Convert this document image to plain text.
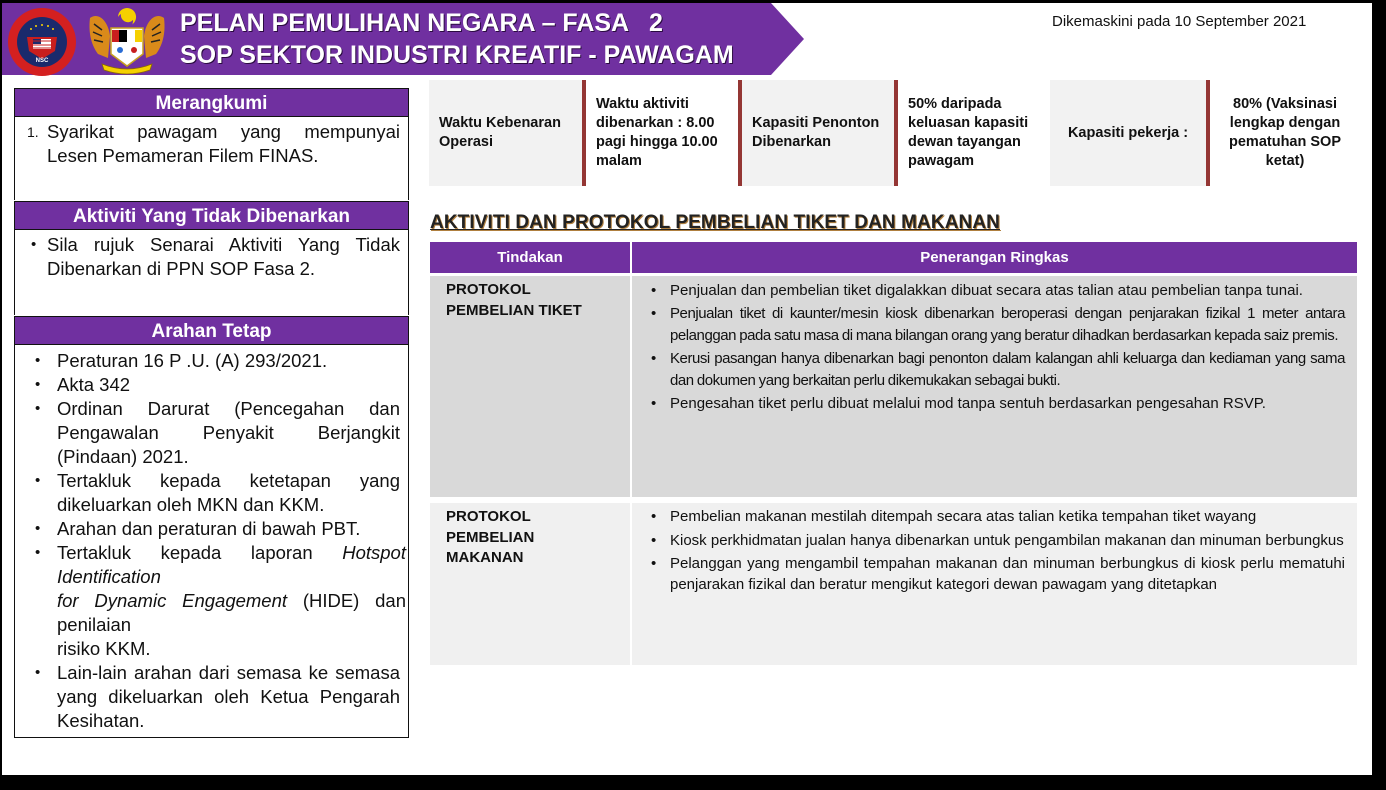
NSC
PELAN PEMULIHAN NEGARA – FASA   2
SOP SEKTOR INDUSTRI KREATIF - PAWAGAM
Dikemaskini pada 10 September 2021
Merangkumi
1. Syarikat pawagam yang mempunyai Lesen Pemameran Filem FINAS.
Aktiviti Yang Tidak Dibenarkan
• Sila rujuk Senarai Aktiviti Yang Tidak Dibenarkan di PPN SOP Fasa 2.
Arahan Tetap
• Peraturan 16 P .U. (A) 293/2021.
• Akta 342
• Ordinan Darurat (Pencegahan dan Pengawalan Penyakit Berjangkit (Pindaan) 2021.
• Tertakluk kepada ketetapan yang dikeluarkan oleh MKN dan KKM.
• Arahan dan peraturan di bawah PBT.
• Tertakluk kepada laporan Hotspot Identification
for Dynamic Engagement (HIDE) dan
penilaian
risiko KKM.
• Lain-lain arahan dari semasa ke semasa yang dikeluarkan oleh Ketua Pengarah Kesihatan.
Waktu Kebenaran Operasi
Waktu aktiviti dibenarkan : 8.00 pagi hingga 10.00 malam
Kapasiti Penonton Dibenarkan
50% daripada keluasan kapasiti dewan tayangan pawagam
Kapasiti pekerja :
80% (Vaksinasi lengkap dengan pematuhan SOP ketat)
AKTIVITI DAN PROTOKOL PEMBELIAN TIKET DAN MAKANAN
Tindakan	Penerangan Ringkas
PROTOKOL PEMBELIAN TIKET
• Penjualan dan pembelian tiket digalakkan dibuat secara atas talian atau pembelian tanpa tunai.
• Penjualan tiket di kaunter/mesin kiosk dibenarkan beroperasi dengan penjarakan fizikal 1 meter antara pelanggan pada satu masa di mana bilangan orang yang beratur dihadkan berdasarkan kepada saiz premis.
• Kerusi pasangan hanya dibenarkan bagi penonton dalam kalangan ahli keluarga dan kediaman yang sama dan dokumen yang berkaitan perlu dikemukakan sebagai bukti.
• Pengesahan tiket perlu dibuat melalui mod tanpa sentuh berdasarkan pengesahan RSVP.
PROTOKOL PEMBELIAN MAKANAN
• Pembelian makanan mestilah ditempah secara atas talian ketika tempahan tiket wayang
• Kiosk perkhidmatan jualan hanya dibenarkan untuk pengambilan makanan dan minuman berbungkus
• Pelanggan yang mengambil tempahan makanan dan minuman berbungkus di kiosk perlu mematuhi penjarakan fizikal dan beratur mengikut kategori dewan pawagam yang ditetapkan
